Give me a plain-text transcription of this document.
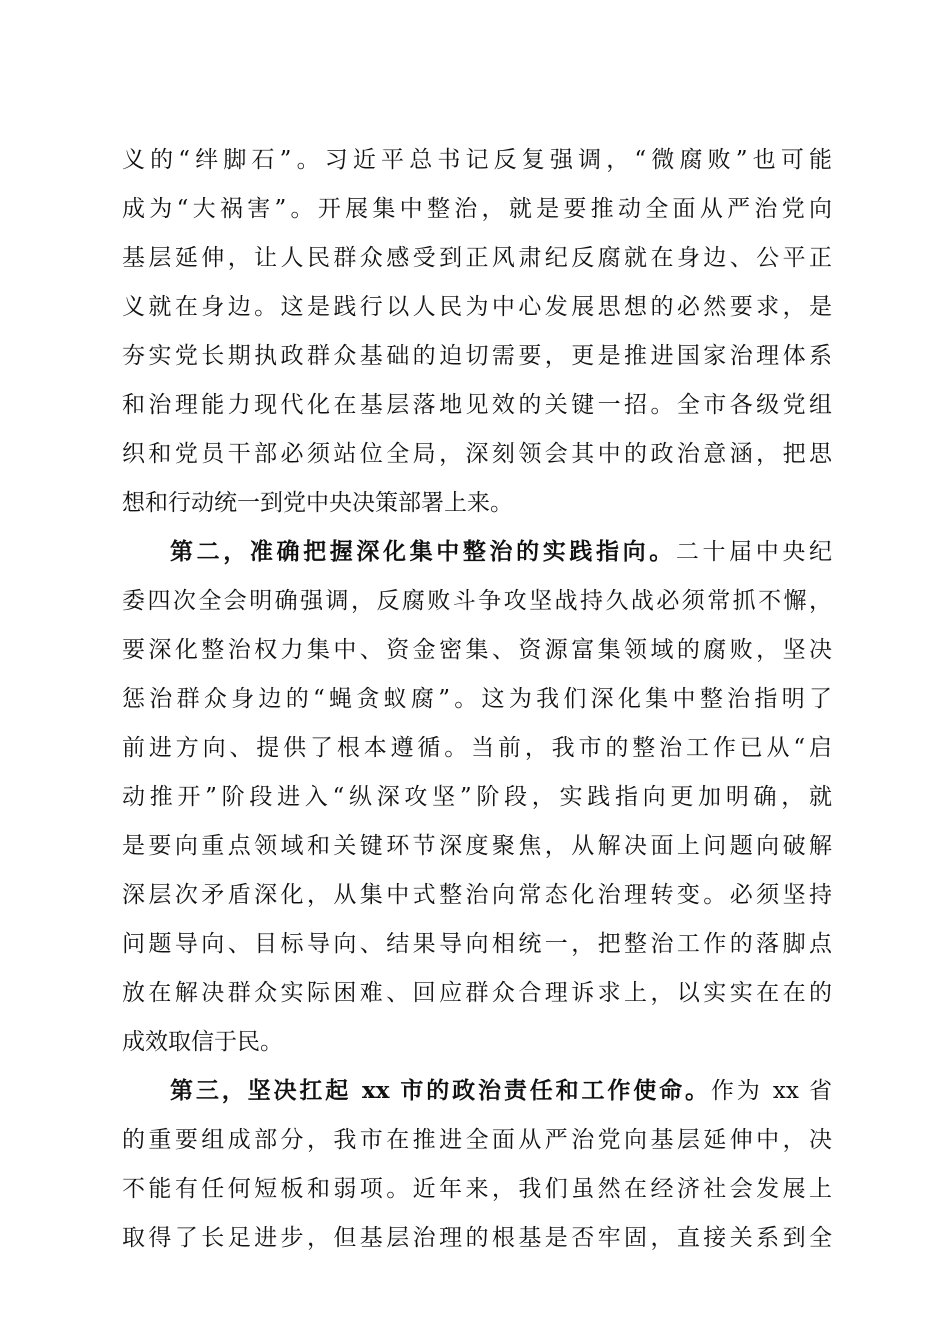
义的“绊脚石”。习近平总书记反复强调，“微腐败”也可能
成为“大祸害”。开展集中整治，就是要推动全面从严治党向
基层延伸，让人民群众感受到正风肃纪反腐就在身边、公平正
义就在身边。这是践行以人民为中心发展思想的必然要求，是
夯实党长期执政群众基础的迫切需要，更是推进国家治理体系
和治理能力现代化在基层落地见效的关键一招。全市各级党组
织和党员干部必须站位全局，深刻领会其中的政治意涵，把思
想和行动统一到党中央决策部署上来。
第二，准确把握深化集中整治的实践指向。二十届中央纪
委四次全会明确强调，反腐败斗争攻坚战持久战必须常抓不懈，
要深化整治权力集中、资金密集、资源富集领域的腐败，坚决
惩治群众身边的“蝇贪蚁腐”。这为我们深化集中整治指明了
前进方向、提供了根本遵循。当前，我市的整治工作已从“启
动推开”阶段进入“纵深攻坚”阶段，实践指向更加明确，就
是要向重点领域和关键环节深度聚焦，从解决面上问题向破解
深层次矛盾深化，从集中式整治向常态化治理转变。必须坚持
问题导向、目标导向、结果导向相统一，把整治工作的落脚点
放在解决群众实际困难、回应群众合理诉求上，以实实在在的
成效取信于民。
第三，坚决扛起 xx 市的政治责任和工作使命。作为 xx 省
的重要组成部分，我市在推进全面从严治党向基层延伸中，决
不能有任何短板和弱项。近年来，我们虽然在经济社会发展上
取得了长足进步，但基层治理的根基是否牢固，直接关系到全
